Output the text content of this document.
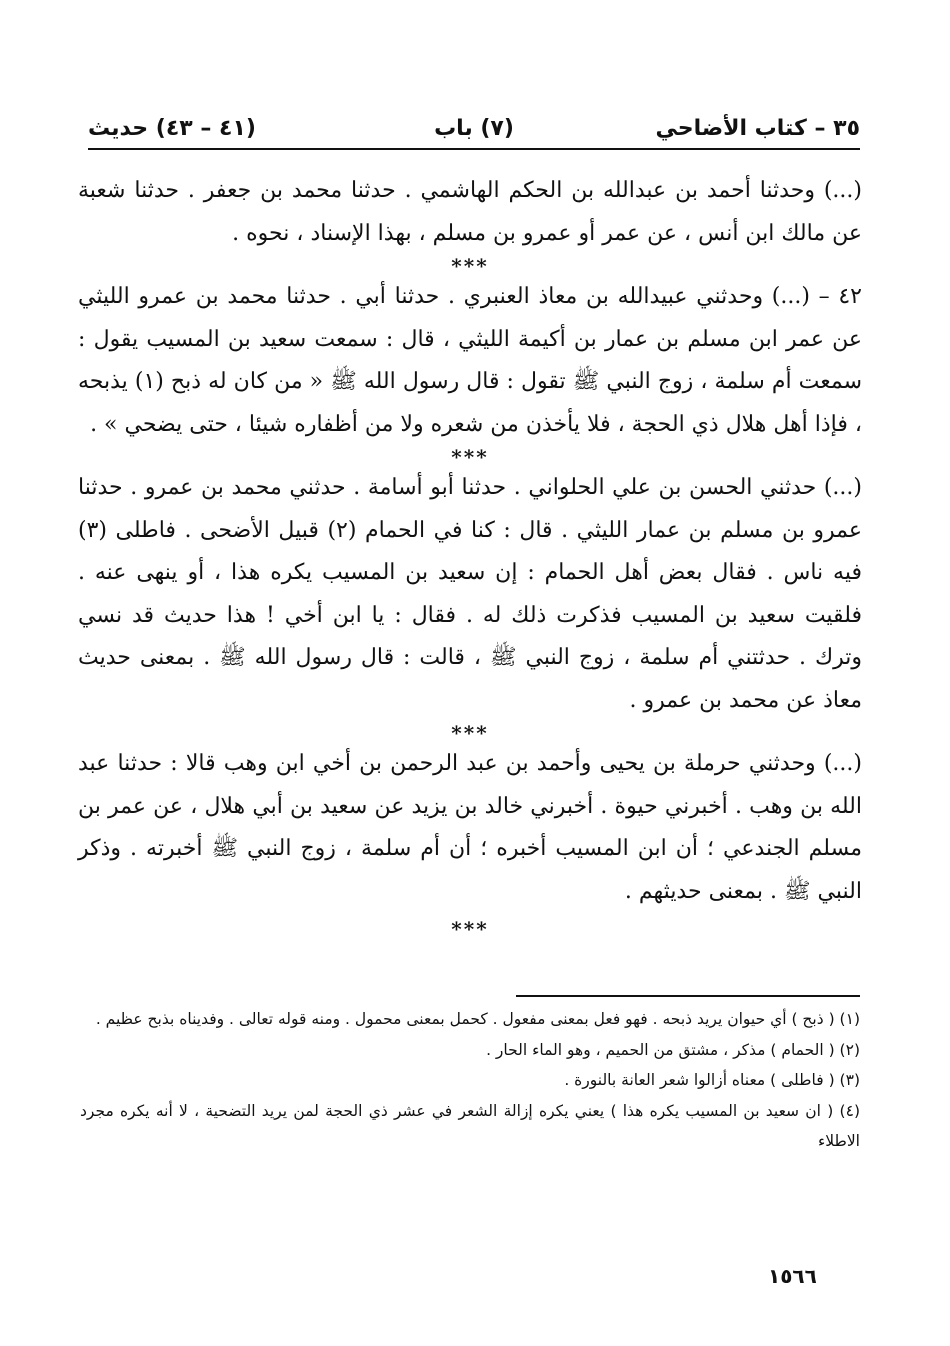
٣٥ – كتاب الأضاحي
(٧) باب
(٤١ – ٤٣) حديث

(...) وحدثنا أحمد بن عبدالله بن الحكم الهاشمي . حدثنا محمد بن جعفر . حدثنا شعبة عن مالك ابن أنس ، عن عمر أو عمرو بن مسلم ، بهذا الإسناد ، نحوه .

***

٤٢ – (...) وحدثني عبيدالله بن معاذ العنبري . حدثنا أبي . حدثنا محمد بن عمرو الليثي عن عمر ابن مسلم بن عمار بن أكيمة الليثي ، قال : سمعت سعيد بن المسيب يقول : سمعت أم سلمة ، زوج النبي ﷺ تقول : قال رسول الله ﷺ « من كان له ذبح (١) يذبحه ، فإذا أهل هلال ذي الحجة ، فلا يأخذن من شعره ولا من أظفاره شيئا ، حتى يضحي » .

***

(...) حدثني الحسن بن علي الحلواني . حدثنا أبو أسامة . حدثني محمد بن عمرو . حدثنا عمرو بن مسلم بن عمار الليثي . قال : كنا في الحمام (٢) قبيل الأضحى . فاطلى (٣) فيه ناس . فقال بعض أهل الحمام : إن سعيد بن المسيب يكره هذا ، أو ينهى عنه . فلقيت سعيد بن المسيب فذكرت ذلك له . فقال : يا ابن أخي ! هذا حديث قد نسي وترك . حدثتني أم سلمة ، زوج النبي ﷺ ، قالت : قال رسول الله ﷺ . بمعنى حديث معاذ عن محمد بن عمرو .

***

(...) وحدثني حرملة بن يحيى وأحمد بن عبد الرحمن بن أخي ابن وهب قالا : حدثنا عبد الله بن وهب . أخبرني حيوة . أخبرني خالد بن يزيد عن سعيد بن أبي هلال ، عن عمر بن مسلم الجندعي ؛ أن ابن المسيب أخبره ؛ أن أم سلمة ، زوج النبي ﷺ أخبرته . وذكر النبي ﷺ . بمعنى حديثهم .

***

(١) ( ذبح ) أي حيوان يريد ذبحه . فهو فعل بمعنى مفعول . كحمل بمعنى محمول . ومنه قوله تعالى . وفديناه بذبح عظيم .

(٢) ( الحمام ) مذكر ، مشتق من الحميم ، وهو الماء الحار .

(٣) ( فاطلى ) معناه أزالوا شعر العانة بالنورة .

(٤) ( ان سعيد بن المسيب يكره هذا ) يعني يكره إزالة الشعر في عشر ذي الحجة لمن يريد التضحية ، لا أنه يكره مجرد الاطلاء

١٥٦٦
